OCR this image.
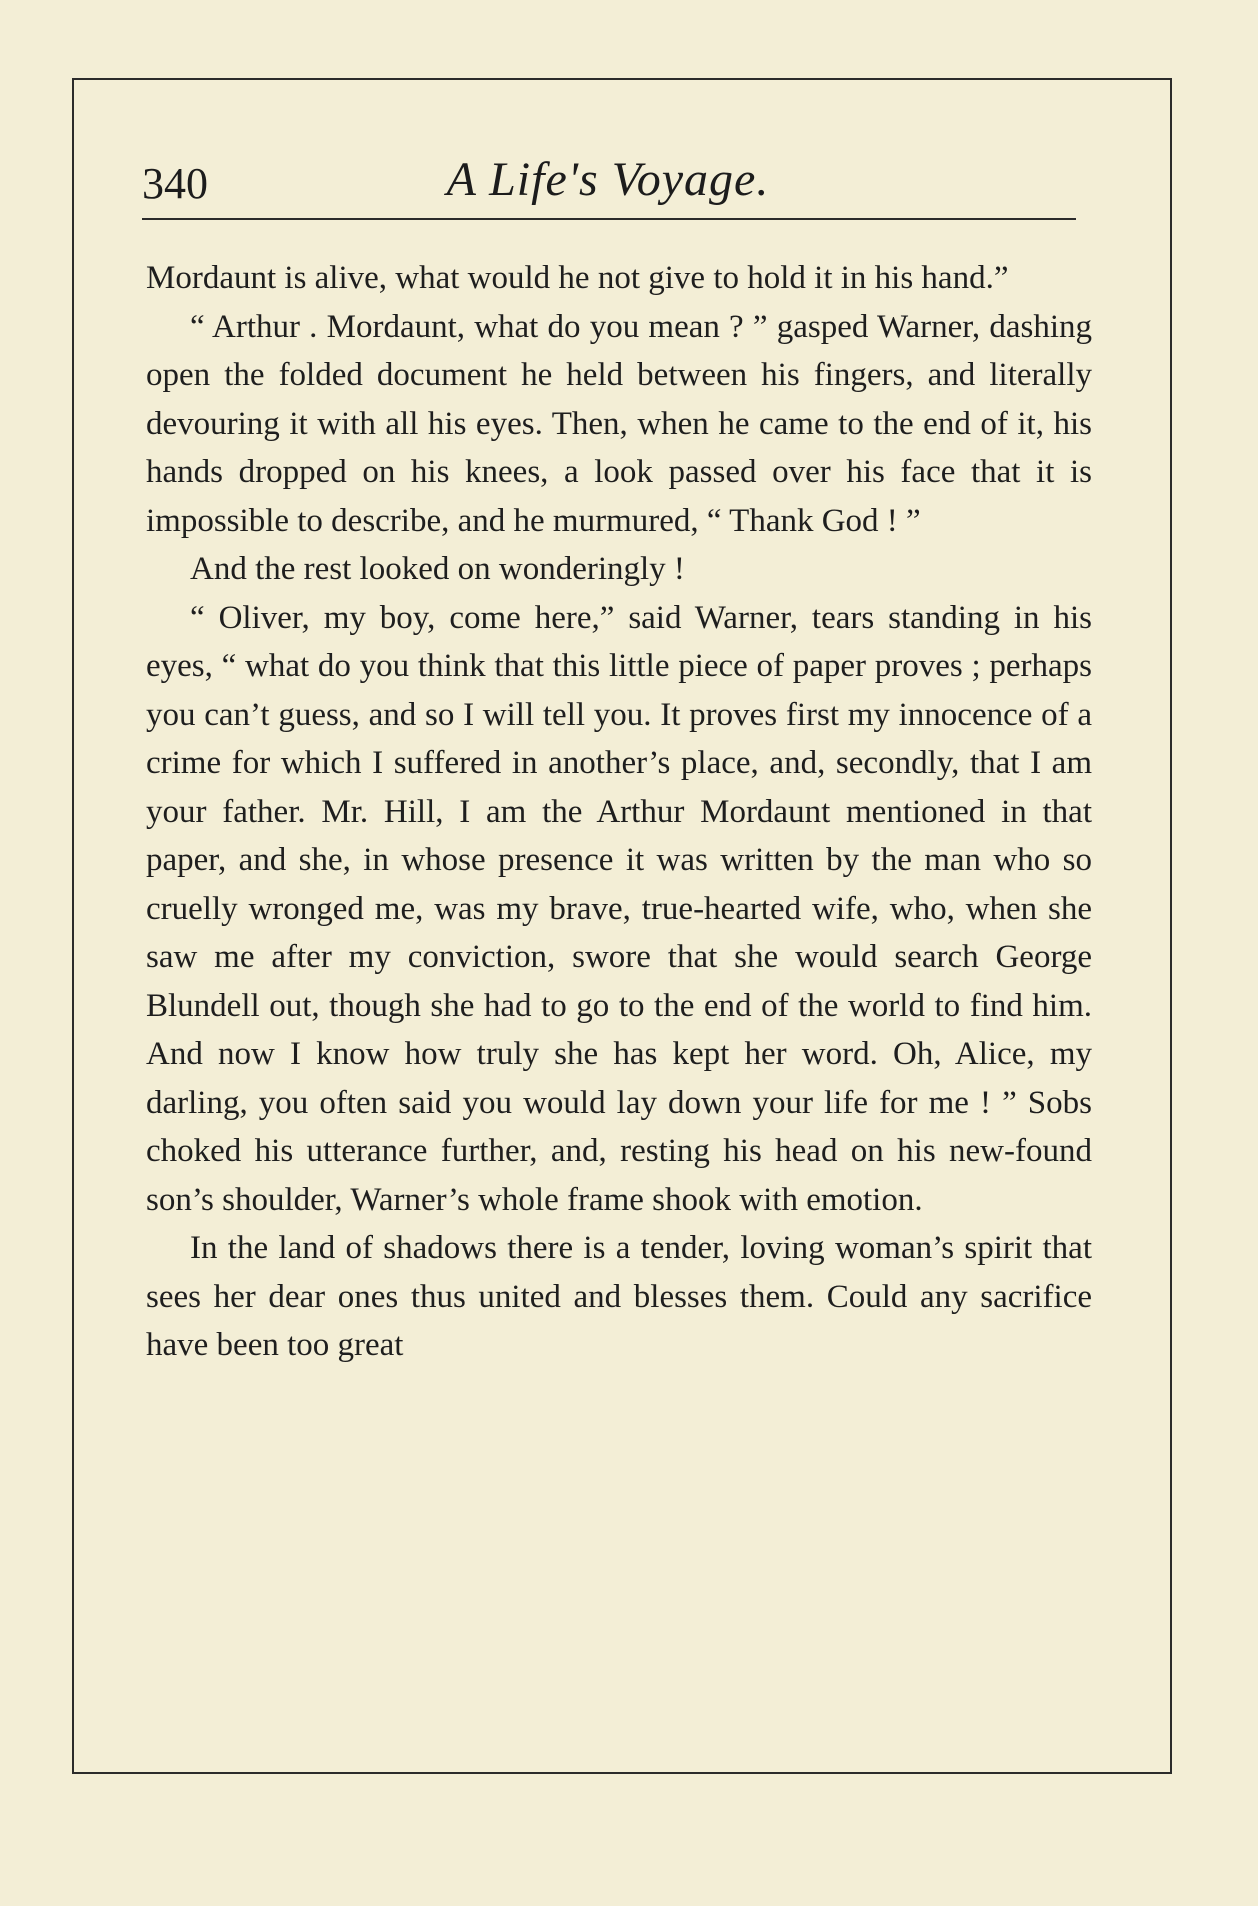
340	A Life's Voyage.

Mordaunt is alive, what would he not give to hold it in his hand.”

“ Arthur . Mordaunt, what do you mean ? ” gasped Warner, dashing open the folded document he held between his fingers, and literally devouring it with all his eyes. Then, when he came to the end of it, his hands dropped on his knees, a look passed over his face that it is impossible to describe, and he murmured, “ Thank God ! ”

And the rest looked on wonderingly !

“ Oliver, my boy, come here,” said Warner, tears standing in his eyes, “ what do you think that this little piece of paper proves ; perhaps you can’t guess, and so I will tell you. It proves first my innocence of a crime for which I suffered in another’s place, and, secondly, that I am your father. Mr. Hill, I am the Arthur Mordaunt mentioned in that paper, and she, in whose presence it was written by the man who so cruelly wronged me, was my brave, true-hearted wife, who, when she saw me after my conviction, swore that she would search George Blundell out, though she had to go to the end of the world to find him. And now I know how truly she has kept her word. Oh, Alice, my darling, you often said you would lay down your life for me ! ” Sobs choked his utterance further, and, resting his head on his new-found son’s shoulder, Warner’s whole frame shook with emotion.

In the land of shadows there is a tender, loving woman’s spirit that sees her dear ones thus united and blesses them. Could any sacrifice have been too great
